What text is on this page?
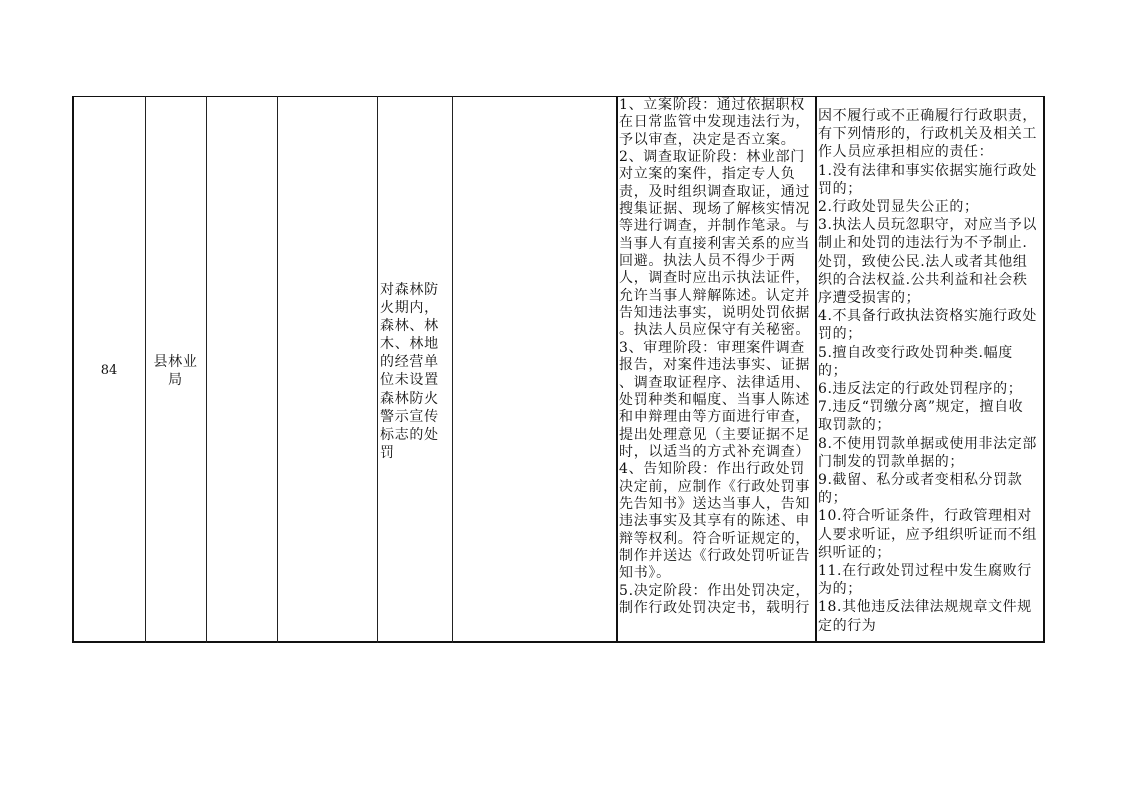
84
县林业
局
对森林防
火期内，
森林、林
木、林地
的经营单
位未设置
森林防火
警示宣传
标志的处
罚
1、立案阶段：通过依据职权
在日常监管中发现违法行为，
予以审查，决定是否立案。
2、调查取证阶段：林业部门
对立案的案件，指定专人负
责，及时组织调查取证，通过
搜集证据、现场了解核实情况
等进行调查，并制作笔录。与
当事人有直接利害关系的应当
回避。执法人员不得少于两
人，调查时应出示执法证件，
允许当事人辩解陈述。认定并
告知违法事实，说明处罚依据
。执法人员应保守有关秘密。
3、审理阶段：审理案件调查
报告，对案件违法事实、证据
、调查取证程序、法律适用、
处罚种类和幅度、当事人陈述
和申辩理由等方面进行审查，
提出处理意见（主要证据不足
时，以适当的方式补充调查）
4、告知阶段：作出行政处罚
决定前，应制作《行政处罚事
先告知书》送达当事人，告知
违法事实及其享有的陈述、申
辩等权利。符合听证规定的，
制作并送达《行政处罚听证告
知书》。
5.决定阶段：作出处罚决定，
制作行政处罚决定书，载明行
因不履行或不正确履行行政职责，
有下列情形的，行政机关及相关工
作人员应承担相应的责任：
1.没有法律和事实依据实施行政处
罚的；
2.行政处罚显失公正的；
3.执法人员玩忽职守，对应当予以
制止和处罚的违法行为不予制止.
处罚，致使公民.法人或者其他组
织的合法权益.公共利益和社会秩
序遭受损害的；
4.不具备行政执法资格实施行政处
罚的；
5.擅自改变行政处罚种类.幅度
的；
6.违反法定的行政处罚程序的；
7.违反“罚缴分离”规定，擅自收
取罚款的；
8.不使用罚款单据或使用非法定部
门制发的罚款单据的；
9.截留、私分或者变相私分罚款
的；
10.符合听证条件，行政管理相对
人要求听证，应予组织听证而不组
织听证的；
11.在行政处罚过程中发生腐败行
为的；
18.其他违反法律法规规章文件规
定的行为
